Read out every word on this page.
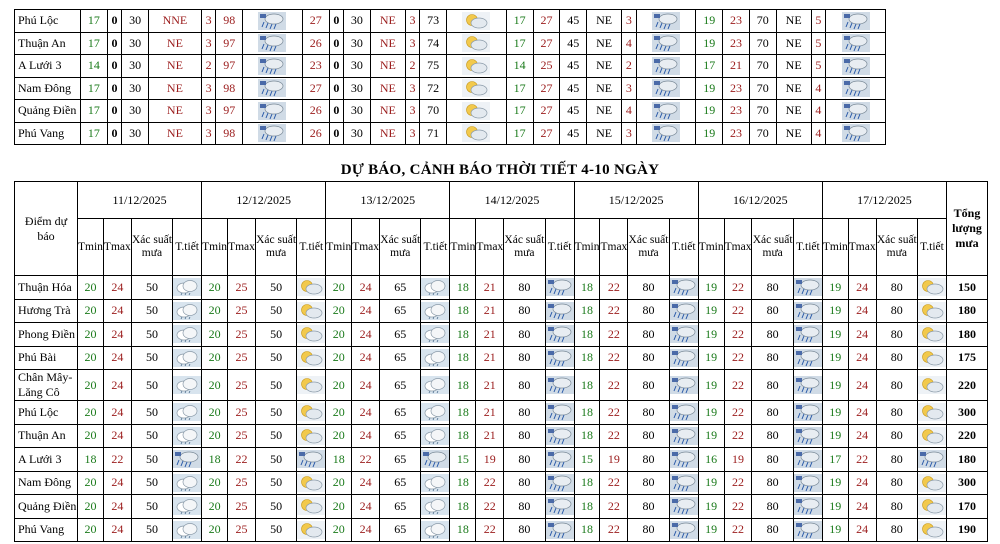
Phú Lộc	17	0	30	NNE	3	98		27	0	30	NE	3	73		17	27	45	NE	3		19	23	70	NE	5	

Thuận An	17	0	30	NE	3	97		26	0	30	NE	3	74		17	27	45	NE	4		19	23	70	NE	5	

A Lưới 3	14	0	30	NE	2	97		23	0	30	NE	2	75		14	25	45	NE	2		17	21	70	NE	5	

Nam Đông	17	0	30	NE	3	98		27	0	30	NE	3	72		17	27	45	NE	3		19	23	70	NE	4	

Quảng Điền	17	0	30	NE	3	97		26	0	30	NE	3	70		17	27	45	NE	4		19	23	70	NE	4	

Phú Vang	17	0	30	NE	3	98		26	0	30	NE	3	71		17	27	45	NE	3		19	23	70	NE	4	
DỰ BÁO, CẢNH BÁO THỜI TIẾT 4-10 NGÀY
Điểm dự báo	11/12/2025				12/12/2025				13/12/2025				14/12/2025				15/12/2025				16/12/2025				17/12/2025				Tổng lượng mưa
	Tmin	Tmax	Xác suất mưa	T.tiết	Tmin	Tmax	Xác suất mưa	T.tiết	Tmin	Tmax	Xác suất mưa	T.tiết	Tmin	Tmax	Xác suất mưa	T.tiết	Tmin	Tmax	Xác suất mưa	T.tiết	Tmin	Tmax	Xác suất mưa	T.tiết	Tmin	Tmax	Xác suất mưa	T.tiết	
Thuận Hóa	20	24	50		20	25	50		20	24	65		18	21	80		18	22	80		19	22	80		19	24	80		150
Hương Trà	20	24	50		20	25	50		20	24	65		18	21	80		18	22	80		19	22	80		19	24	80		180
Phong Điền	20	24	50		20	25	50		20	24	65		18	21	80		18	22	80		19	22	80		19	24	80		180
Phú Bài	20	24	50		20	25	50		20	24	65		18	21	80		18	22	80		19	22	80		19	24	80		175
Chân Mây-Lăng Cô	20	24	50		20	25	50		20	24	65		18	21	80		18	22	80		19	22	80		19	24	80		220
Phú Lộc	20	24	50		20	25	50		20	24	65		18	21	80		18	22	80		19	22	80		19	24	80		300
Thuận An	20	24	50		20	25	50		20	24	65		18	21	80		18	22	80		19	22	80		19	24	80		220
A Lưới 3	18	22	50		18	22	50		18	22	65		15	19	80		15	19	80		16	19	80		17	22	80		180
Nam Đông	20	24	50		20	25	50		20	24	65		18	22	80		18	22	80		19	22	80		19	24	80		300
Quảng Điền	20	24	50		20	25	50		20	24	65		18	22	80		18	22	80		19	22	80		19	24	80		170
Phú Vang	20	24	50		20	25	50		20	24	65		18	22	80		18	22	80		19	22	80		19	24	80		190
